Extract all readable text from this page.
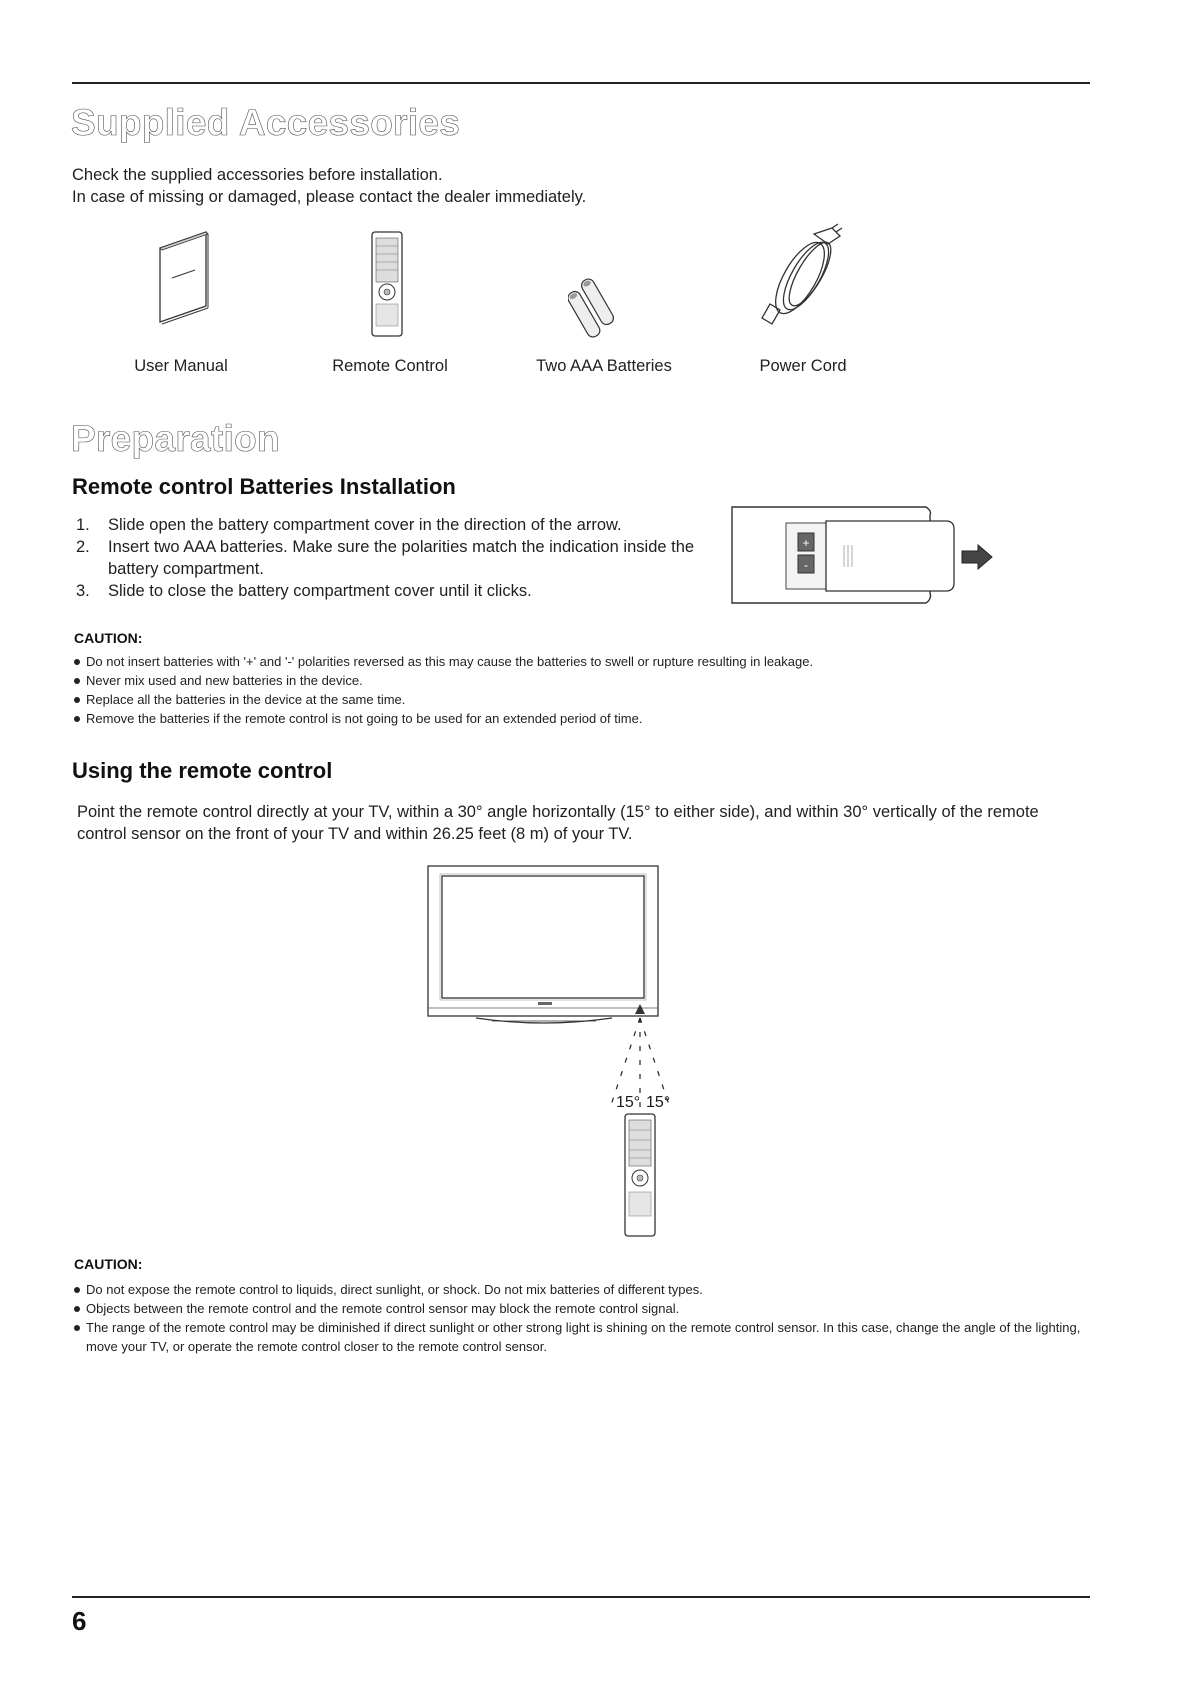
Supplied Accessories
Check the supplied accessories before installation.
In case of missing or damaged, please contact the dealer immediately.
User Manual	Remote Control	Two AAA Batteries	Power Cord
Preparation
Remote control Batteries Installation
1. Slide open the battery compartment cover in the direction of the arrow.
2. Insert two AAA batteries. Make sure the polarities match the indication inside the battery compartment.
3. Slide to close the battery compartment cover until it clicks.
+
-
CAUTION:
Do not insert batteries with '+' and '-' polarities reversed as this may cause the batteries to swell or rupture resulting in leakage.
Never mix used and new batteries in the device.
Replace all the batteries in the device at the same time.
Remove the batteries if the remote control is not going to be used for an extended period of time.
Using the remote control
Point the remote control directly at your TV, within a 30° angle horizontally (15° to either side), and within 30° vertically of the remote control sensor on the front of your TV and within 26.25 feet (8 m) of your TV.
15° 15°
CAUTION:
Do not expose the remote control to liquids, direct sunlight, or shock. Do not mix batteries of different types.
Objects between the remote control and the remote control sensor may block the remote control signal.
The range of the remote control may be diminished if direct sunlight or other strong light is shining on the remote control sensor. In this case, change the angle of the lighting, move your TV, or operate the remote control closer to the remote control sensor.
6
